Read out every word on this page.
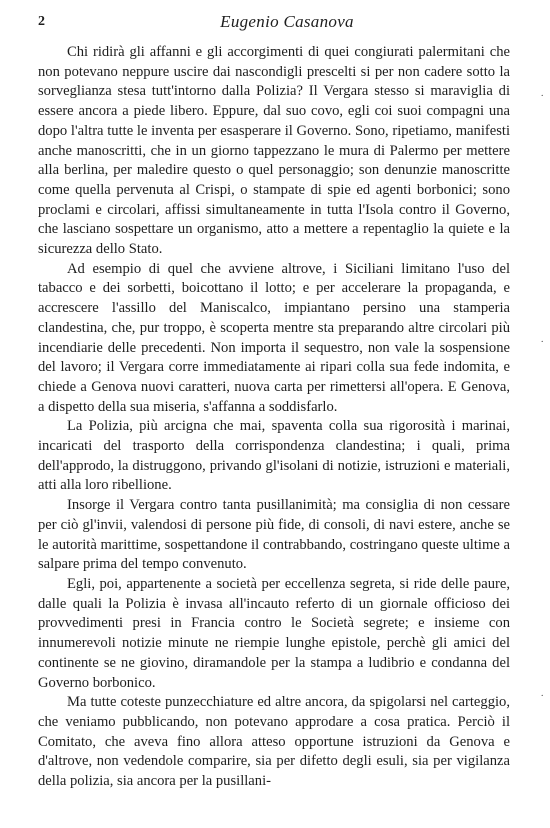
2	Eugenio Casanova

Chi ridirà gli affanni e gli accorgimenti di quei congiurati palermitani che non potevano neppure uscire dai nascondigli prescelti si per non cadere sotto la sorveglianza stesa tutt'intorno dalla Polizia? Il Vergara stesso si maraviglia di essere ancora a piede libero. Eppure, dal suo covo, egli coi suoi compagni una dopo l'altra tutte le inventa per esasperare il Governo. Sono, ripetiamo, manifesti anche manoscritti, che in un giorno tappezzano le mura di Palermo per mettere alla berlina, per maledire questo o quel personaggio; son denunzie manoscritte come quella pervenuta al Crispi, o stampate di spie ed agenti borbonici; sono proclami e circolari, affissi simultaneamente in tutta l'Isola contro il Governo, che lasciano sospettare un organismo, atto a mettere a repentaglio la quiete e la sicurezza dello Stato.

Ad esempio di quel che avviene altrove, i Siciliani limitano l'uso del tabacco e dei sorbetti, boicottano il lotto; e per accelerare la propaganda, e accrescere l'assillo del Maniscalco, impiantano persino una stamperia clandestina, che, pur troppo, è scoperta mentre sta preparando altre circolari più incendiarie delle precedenti. Non importa il sequestro, non vale la sospensione del lavoro; il Vergara corre immediatamente ai ripari colla sua fede indomita, e chiede a Genova nuovi caratteri, nuova carta per rimettersi all'opera. E Genova, a dispetto della sua miseria, s'affanna a soddisfarlo.

La Polizia, più arcigna che mai, spaventa colla sua rigorosità i marinai, incaricati del trasporto della corrispondenza clandestina; i quali, prima dell'approdo, la distruggono, privando gl'isolani di notizie, istruzioni e materiali, atti alla loro ribellione.

Insorge il Vergara contro tanta pusillanimità; ma consiglia di non cessare per ciò gl'invii, valendosi di persone più fide, di consoli, di navi estere, anche se le autorità marittime, sospettandone il contrabbando, costringano queste ultime a salpare prima del tempo convenuto.

Egli, poi, appartenente a società per eccellenza segreta, si ride delle paure, dalle quali la Polizia è invasa all'incauto referto di un giornale officioso dei provvedimenti presi in Francia contro le Società segrete; e insieme con innumerevoli notizie minute ne riempie lunghe epistole, perchè gli amici del continente se ne giovino, diramandole per la stampa a ludibrio e condanna del Governo borbonico.

Ma tutte coteste punzecchiature ed altre ancora, da spigolarsi nel carteggio, che veniamo pubblicando, non potevano approdare a cosa pratica. Perciò il Comitato, che aveva fino allora atteso opportune istruzioni da Genova e d'altrove, non vedendole comparire, sia per difetto degli esuli, sia per vigilanza della polizia, sia ancora per la pusillani-

·
·
·
